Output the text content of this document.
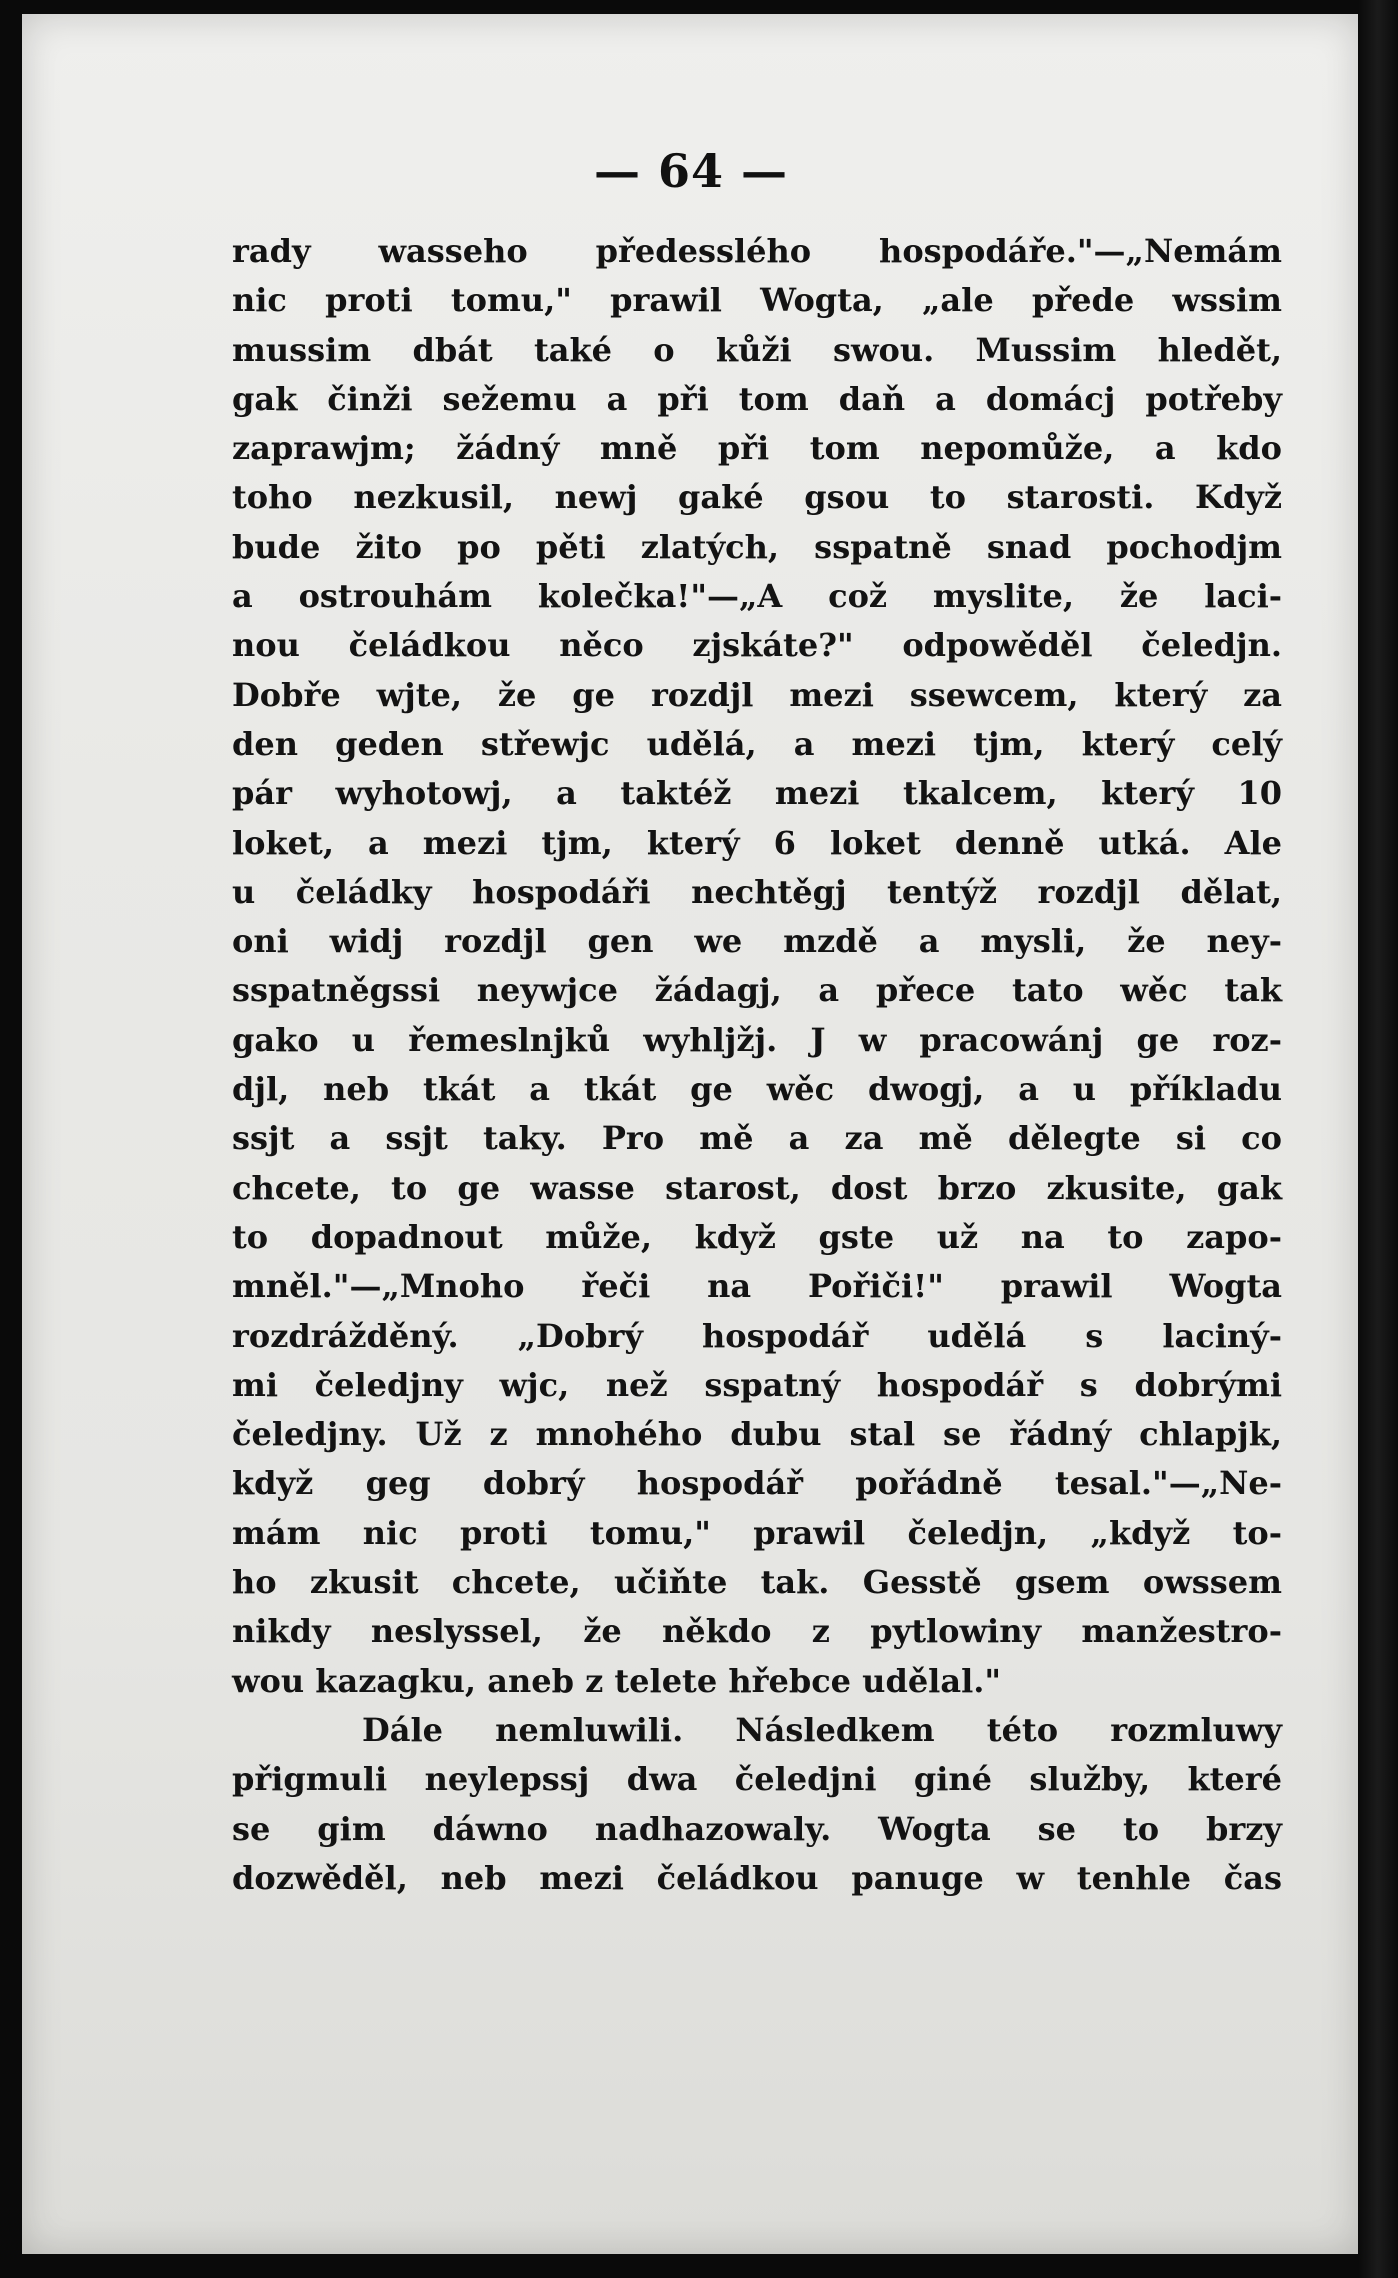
— 64 —
rady wasseho předesslého hospodáře."—„Nemám
nic proti tomu," prawil Wogta, „ale přede wssim
mussim dbát také o kůži swou. Mussim hledět,
gak činži sežemu a při tom daň a domácj potřeby
zaprawjm; žádný mně při tom nepomůže, a kdo
toho nezkusil, newj gaké gsou to starosti. Když
bude žito po pěti zlatých, sspatně snad pochodjm
a ostrouhám kolečka!"—„A což myslite, že laci-
nou čeládkou něco zjskáte?" odpowěděl čeledjn.
Dobře wjte, že ge rozdjl mezi ssewcem, který za
den geden střewjc udělá, a mezi tjm, který celý
pár wyhotowj, a taktéž mezi tkalcem, který 10
loket, a mezi tjm, který 6 loket denně utká. Ale
u čeládky hospodáři nechtěgj tentýž rozdjl dělat,
oni widj rozdjl gen we mzdě a mysli, že ney-
sspatněgssi neywjce žádagj, a přece tato wěc tak
gako u řemeslnjků wyhljžj. J w pracowánj ge roz-
djl, neb tkát a tkát ge wěc dwogj, a u příkladu
ssjt a ssjt taky. Pro mě a za mě dělegte si co
chcete, to ge wasse starost, dost brzo zkusite, gak
to dopadnout může, když gste už na to zapo-
mněl."—„Mnoho řeči na Pořiči!" prawil Wogta
rozdrážděný. „Dobrý hospodář udělá s laciný-
mi čeledjny wjc, než sspatný hospodář s dobrými
čeledjny. Už z mnohého dubu stal se řádný chlapjk,
když geg dobrý hospodář pořádně tesal."—„Ne-
mám nic proti tomu," prawil čeledjn, „když to-
ho zkusit chcete, učiňte tak. Gesstě gsem owssem
nikdy neslyssel, že někdo z pytlowiny manžestro-
wou kazagku, aneb z telete hřebce udělal."
Dále nemluwili. Následkem této rozmluwy
přigmuli neylepssj dwa čeledjni giné služby, které
se gim dáwno nadhazowaly. Wogta se to brzy
dozwěděl, neb mezi čeládkou panuge w tenhle čas
